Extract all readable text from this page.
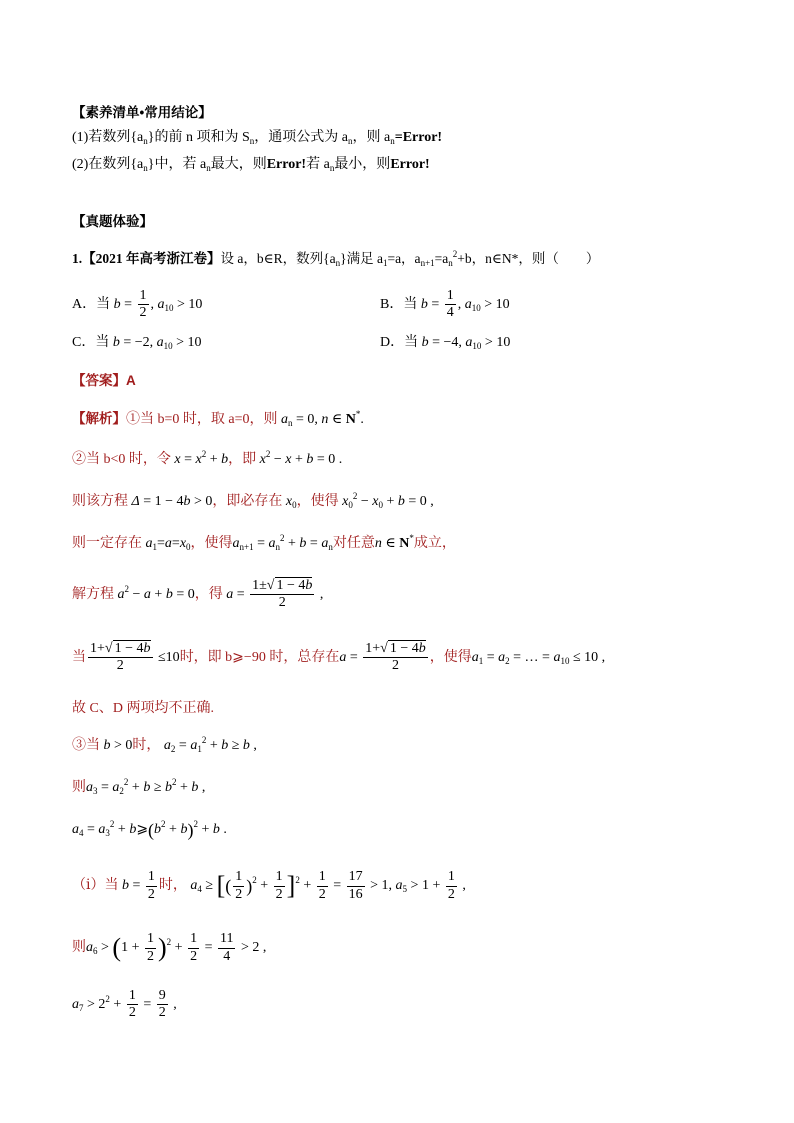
【素养清单•常用结论】
(1)若数列$\{a_n\}$的前 n 项和为 $S_n$，通项公式为 $a_n$，则 $a_n=Error$!
(2)在数列$\{a_n\}$中，若 $a_n$最大，则Error!若 $a_n$最小，则Error!
【真题体验】
1.【2021 年高考浙江卷】设 a，b∈R，数列$\{a_n\}$满足 $a_1=a$，$a_{n+1}=a_n^2+b$，n∈N*，则（　　）
A．当 $b = \frac{1}{2}$ , $a_{10} > 10$	B．当 $b = \frac{1}{4}$ , $a_{10} > 10$
C．当 b = −2, $a_{10} > 10$	D．当 b = −4, $a_{10} > 10$
【答案】A
【解析】①当 b=0 时，取 a=0，则 $a_n = 0$, n ∈ N*.
②当 b<0 时，令 $x = x^2 + b$，即 $x^2 - x + b = 0$ .
则该方程 Δ = 1 − 4b > 0，即必存在 $x_0$，使得 $x_0^2 - x_0 + b = 0$ ,
则一定存在 $a_1=a=x_0$，使得$a_{n+1} = a_n^2 + b = a_n$对任意n ∈ N*成立，
解方程 $a^2 - a + b = 0$，得 $a = \frac{1\pm√ 1 - 4b}{2}$ ,
当 $\frac{1+√ 1 - 4b}{2} \le 10$时，即 b⩾−90 时，总存在$a = \frac{1+√ 1 - 4b}{2}$ ，使得$a_1 = a_2$ = … = $a_{10} \le 10$ ,
故 C、D 两项均不正确.
③当 b > 0时， $a_2 = a_1^2 + b \ge b$ ,
则$a_3 = a_2^2 + b \ge b^2 + b$ ,
$a_4 = a_3^2$ + $b⩾(b^2 + b)^2 + b$ .
（ⅰ）当 $b = \frac{1}{2}$ 时， $a_4$ ≥ [( $\frac{1}{2} )^2 + \frac{1}{2} ]^2 + \frac{1}{2} = \frac{17}{16} > 1$, $a_5 > 1 + \frac{1}{2}$ ,
则$a_6 > (1 + \frac{1}{2} )^2 + \frac{1}{2} = \frac{11}{4} > 2$ ,
$a_7 > 2^2 + \frac{1}{2} = \frac{9}{2}$ ,
